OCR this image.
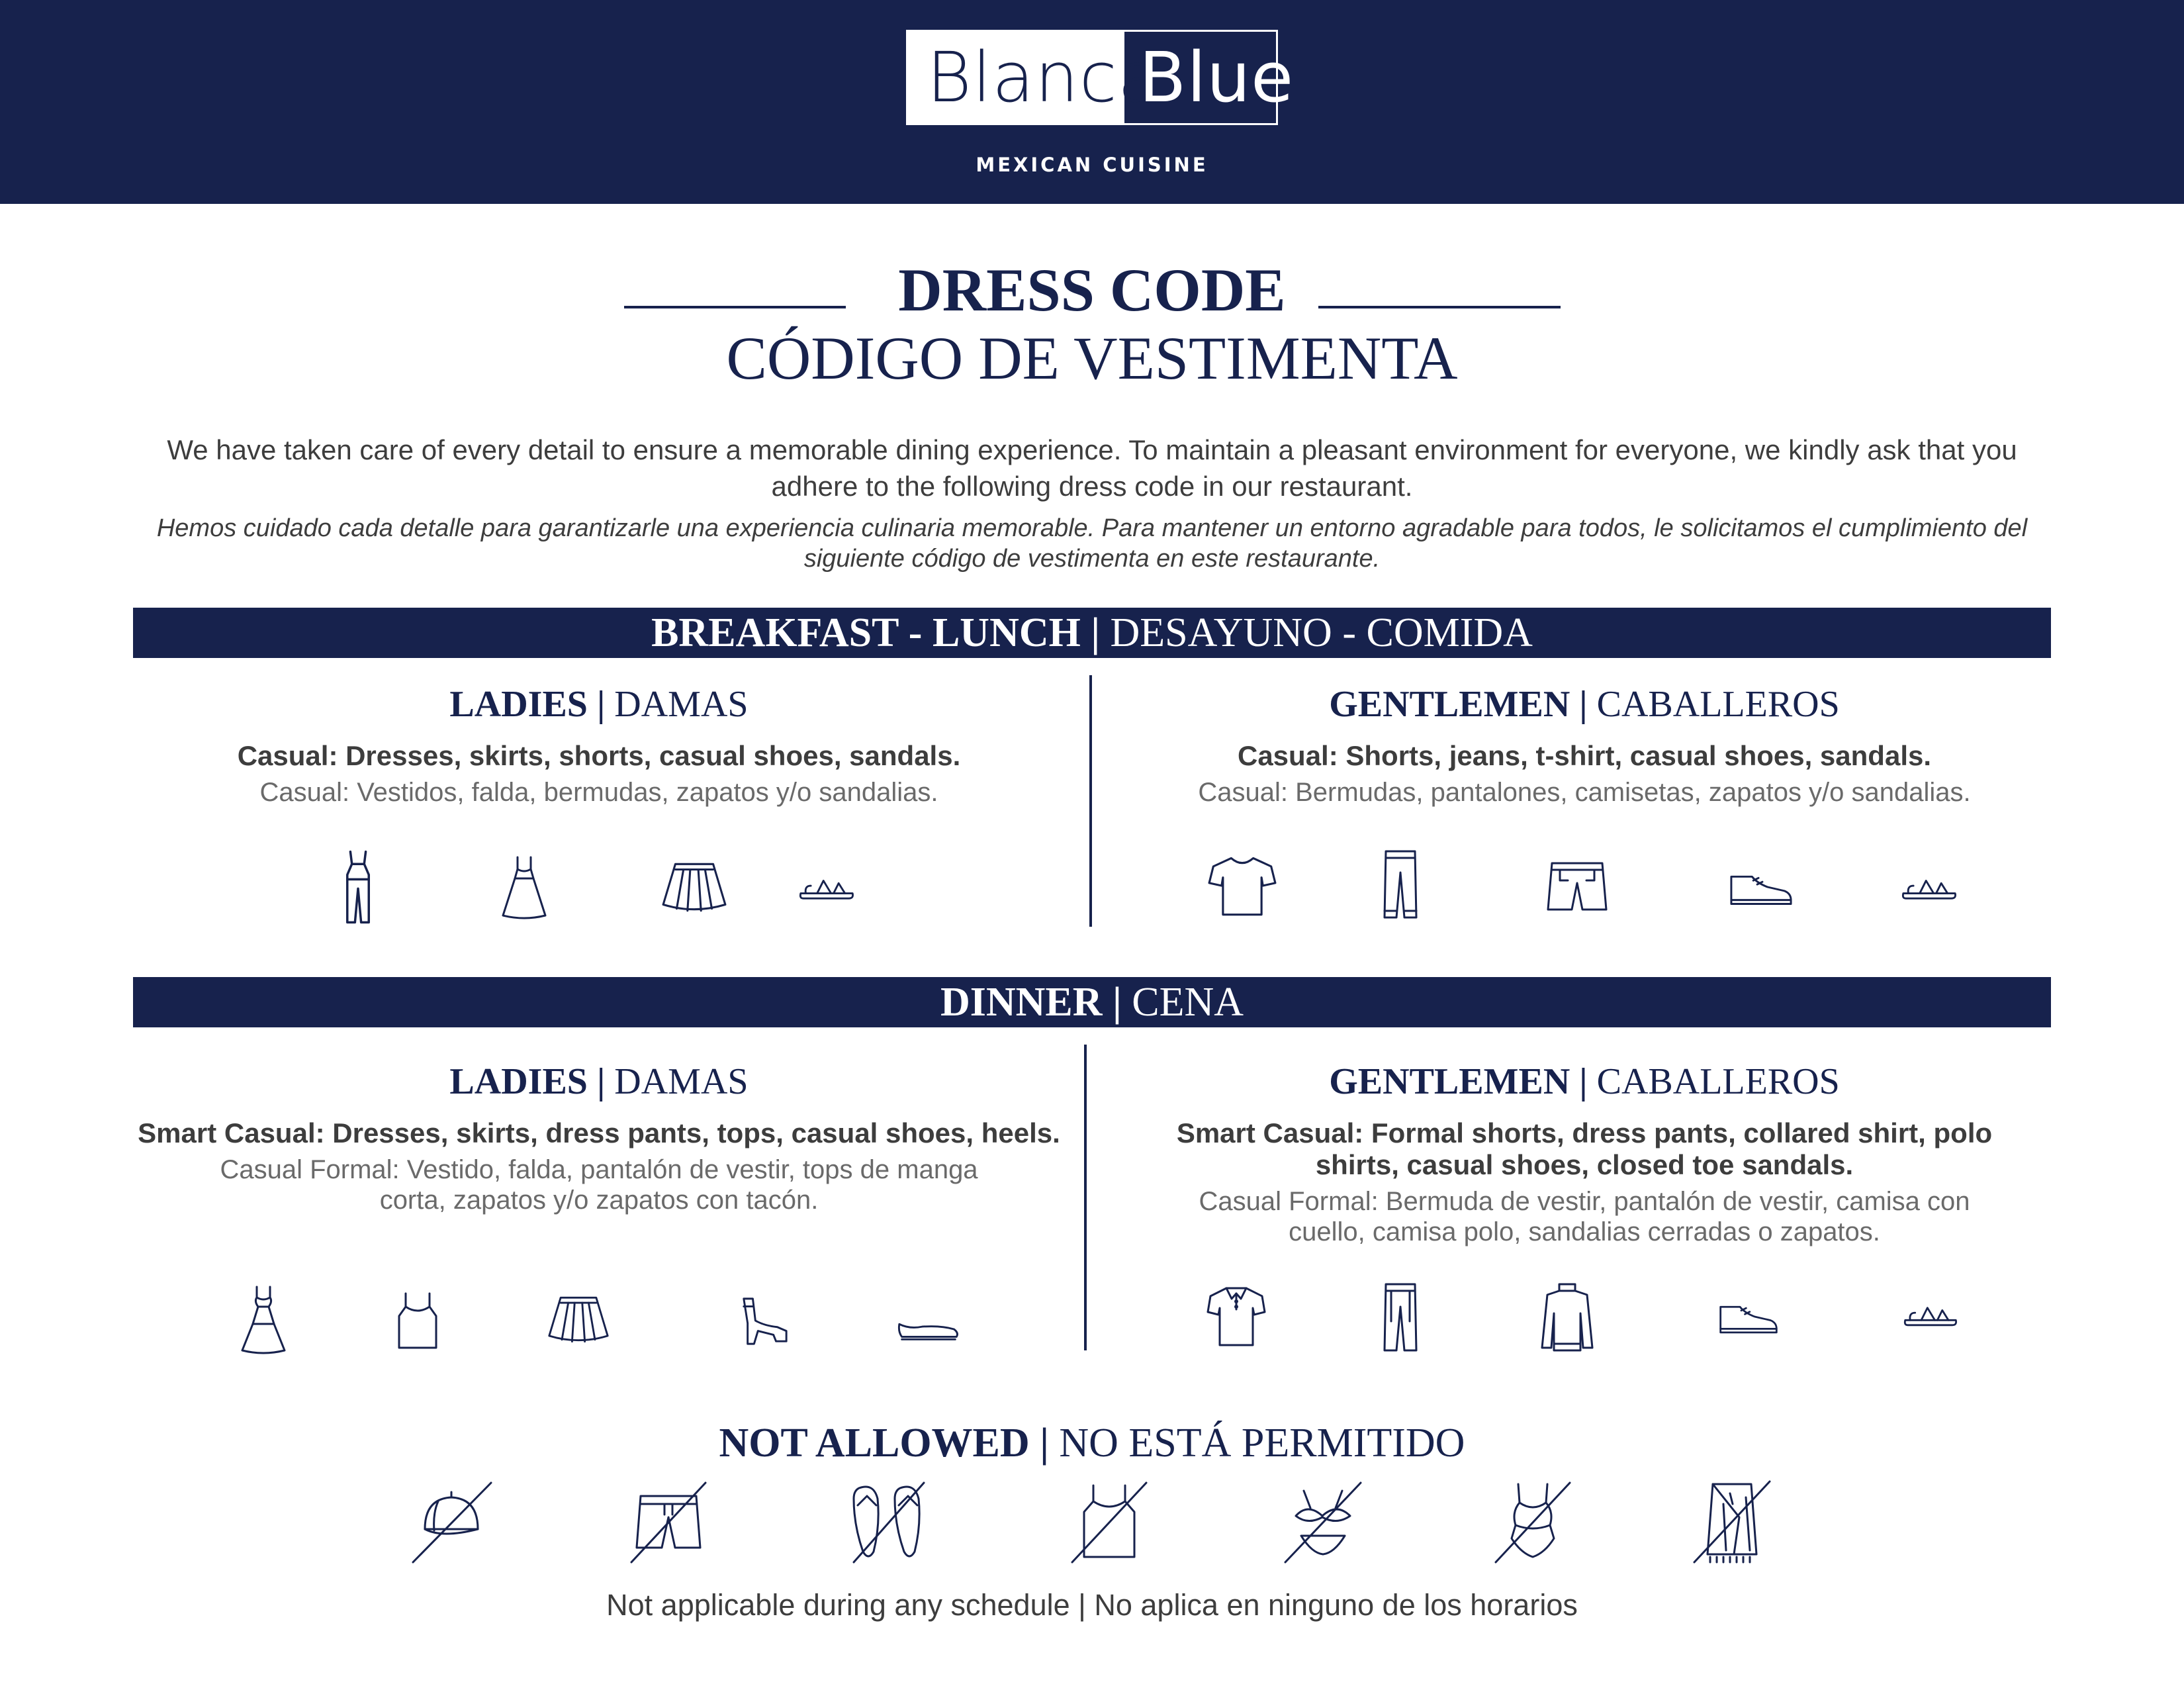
Blanca
Blue
MEXICAN CUISINE
DRESS CODE
CÓDIGO DE VESTIMENTA
We have taken care of every detail to ensure a memorable dining experience. To maintain a pleasant environment for everyone, we kindly ask that you adhere to the following dress code in our restaurant.
Hemos cuidado cada detalle para garantizarle una experiencia culinaria memorable. Para mantener un entorno agradable para todos, le solicitamos el cumplimiento del siguiente código de vestimenta en este restaurante.
BREAKFAST - LUNCH | DESAYUNO - COMIDA
LADIES | DAMAS
Casual: Dresses, skirts, shorts, casual shoes, sandals.
Casual: Vestidos, falda, bermudas, zapatos y/o sandalias.
GENTLEMEN | CABALLEROS
Casual: Shorts, jeans, t-shirt, casual shoes, sandals.
Casual: Bermudas, pantalones, camisetas, zapatos y/o sandalias.
DINNER | CENA
LADIES | DAMAS
Smart Casual: Dresses, skirts, dress pants, tops, casual shoes, heels.
Casual Formal: Vestido, falda, pantalón de vestir, tops de manga corta, zapatos y/o zapatos con tacón.
GENTLEMEN | CABALLEROS
Smart Casual: Formal shorts, dress pants, collared shirt, polo shirts, casual shoes, closed toe sandals.
Casual Formal: Bermuda de vestir, pantalón de vestir, camisa con cuello, camisa polo, sandalias cerradas o zapatos.
NOT ALLOWED | NO ESTÁ PERMITIDO
Not applicable during any schedule | No aplica en ninguno de los horarios
